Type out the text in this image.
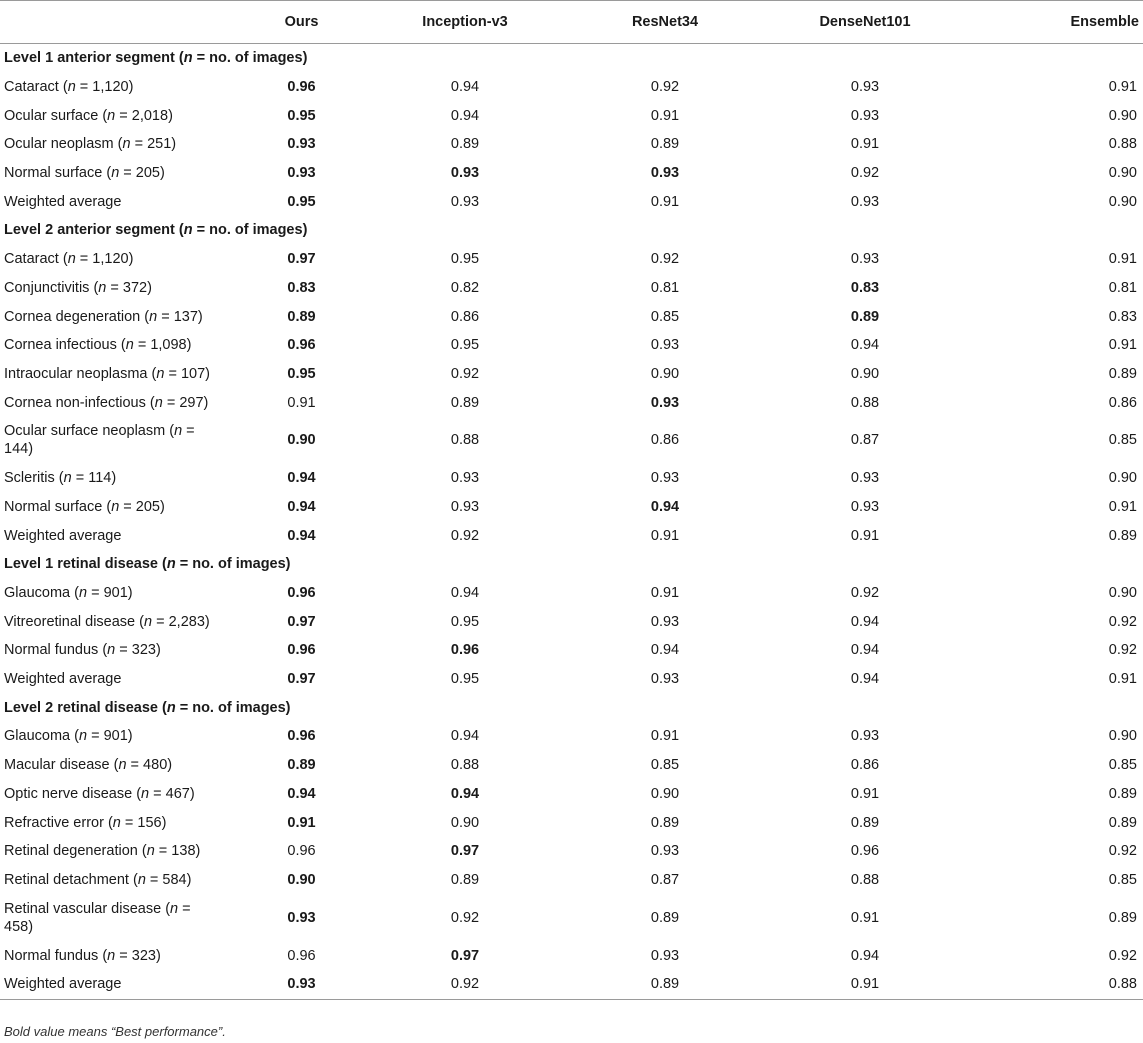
	Ours	Inception-v3	ResNet34	DenseNet101	Ensemble
Level 1 anterior segment (n = no. of images)					
Cataract (n = 1,120)	0.96	0.94	0.92	0.93	0.91
Ocular surface (n = 2,018)	0.95	0.94	0.91	0.93	0.90
Ocular neoplasm (n = 251)	0.93	0.89	0.89	0.91	0.88
Normal surface (n = 205)	0.93	0.93	0.93	0.92	0.90
Weighted average	0.95	0.93	0.91	0.93	0.90
Level 2 anterior segment (n = no. of images)					
Cataract (n = 1,120)	0.97	0.95	0.92	0.93	0.91
Conjunctivitis (n = 372)	0.83	0.82	0.81	0.83	0.81
Cornea degeneration (n = 137)	0.89	0.86	0.85	0.89	0.83
Cornea infectious (n = 1,098)	0.96	0.95	0.93	0.94	0.91
Intraocular neoplasma (n = 107)	0.95	0.92	0.90	0.90	0.89
Cornea non-infectious (n = 297)	0.91	0.89	0.93	0.88	0.86
Ocular surface neoplasm (n = 144)	0.90	0.88	0.86	0.87	0.85
Scleritis (n = 114)	0.94	0.93	0.93	0.93	0.90
Normal surface (n = 205)	0.94	0.93	0.94	0.93	0.91
Weighted average	0.94	0.92	0.91	0.91	0.89
Level 1 retinal disease (n = no. of images)					
Glaucoma (n = 901)	0.96	0.94	0.91	0.92	0.90
Vitreoretinal disease (n = 2,283)	0.97	0.95	0.93	0.94	0.92
Normal fundus (n = 323)	0.96	0.96	0.94	0.94	0.92
Weighted average	0.97	0.95	0.93	0.94	0.91
Level 2 retinal disease (n = no. of images)					
Glaucoma (n = 901)	0.96	0.94	0.91	0.93	0.90
Macular disease (n = 480)	0.89	0.88	0.85	0.86	0.85
Optic nerve disease (n = 467)	0.94	0.94	0.90	0.91	0.89
Refractive error (n = 156)	0.91	0.90	0.89	0.89	0.89
Retinal degeneration (n = 138)	0.96	0.97	0.93	0.96	0.92
Retinal detachment (n = 584)	0.90	0.89	0.87	0.88	0.85
Retinal vascular disease (n = 458)	0.93	0.92	0.89	0.91	0.89
Normal fundus (n = 323)	0.96	0.97	0.93	0.94	0.92
Weighted average	0.93	0.92	0.89	0.91	0.88
Bold value means “Best performance”.
